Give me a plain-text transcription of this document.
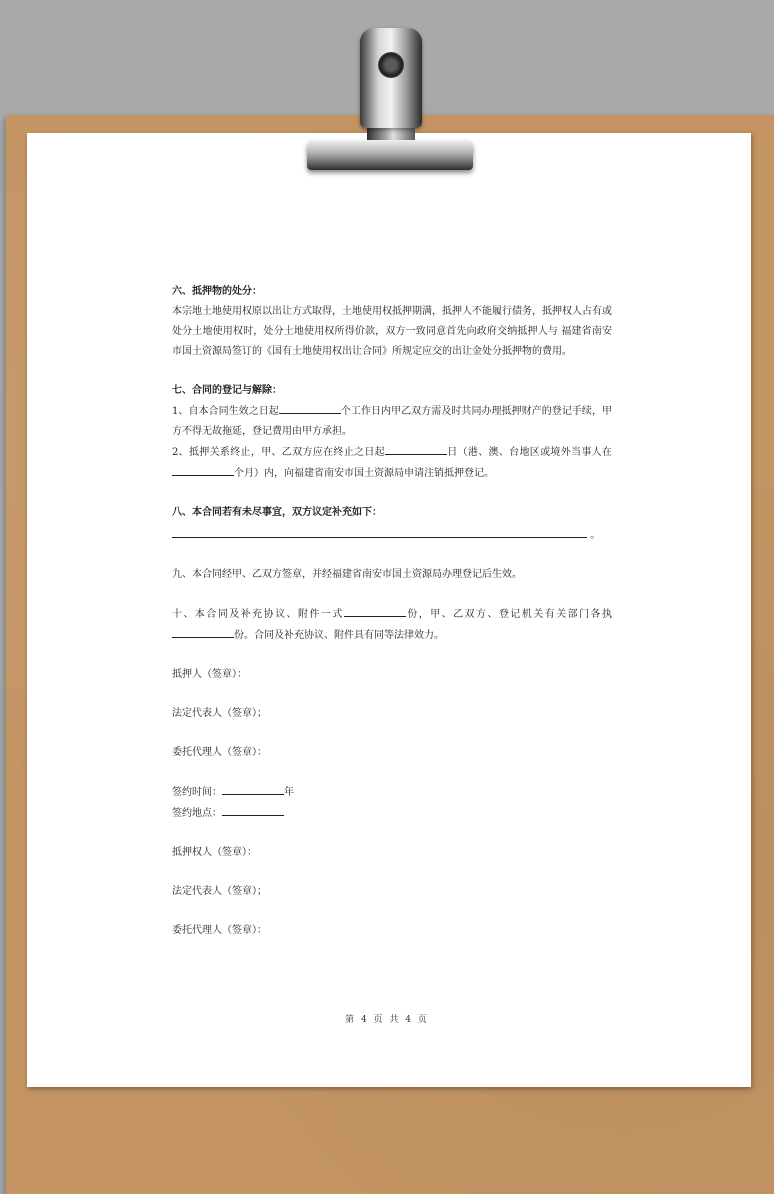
六、抵押物的处分：

本宗地土地使用权原以出让方式取得，土地使用权抵押期满，抵押人不能履行债务，抵押权人占有或处分土地使用权时，处分土地使用权所得价款，双方一致同意首先向政府交纳抵押人与 福建省南安市国土资源局签订的《国有土地使用权出让合同》所规定应交的出让金处分抵押物的费用。

七、合同的登记与解除：

1、自本合同生效之日起	个工作日内甲乙双方需及时共同办理抵押财产的登记手续，甲方不得无故拖延，登记费用由甲方承担。

2、抵押关系终止，甲、乙双方应在终止之日起	日（港、澳、台地区或境外当事人在个月）内，向福建省南安市国土资源局申请注销抵押登记。

八、本合同若有未尽事宜，双方议定补充如下：

。

九、本合同经甲、乙双方签章，并经福建省南安市国土资源局办理登记后生效。

十、本合同及补充协议、附件一式	份，甲、乙双方、登记机关有关部门各执份。合同及补充协议、附件具有同等法律效力。

抵押人（签章）：

法定代表人（签章）；

委托代理人（签章）：

签约时间：	年

签约地点：

抵押权人（签章）：

法定代表人（签章）；

委托代理人（签章）：

第 4 页 共 4 页
